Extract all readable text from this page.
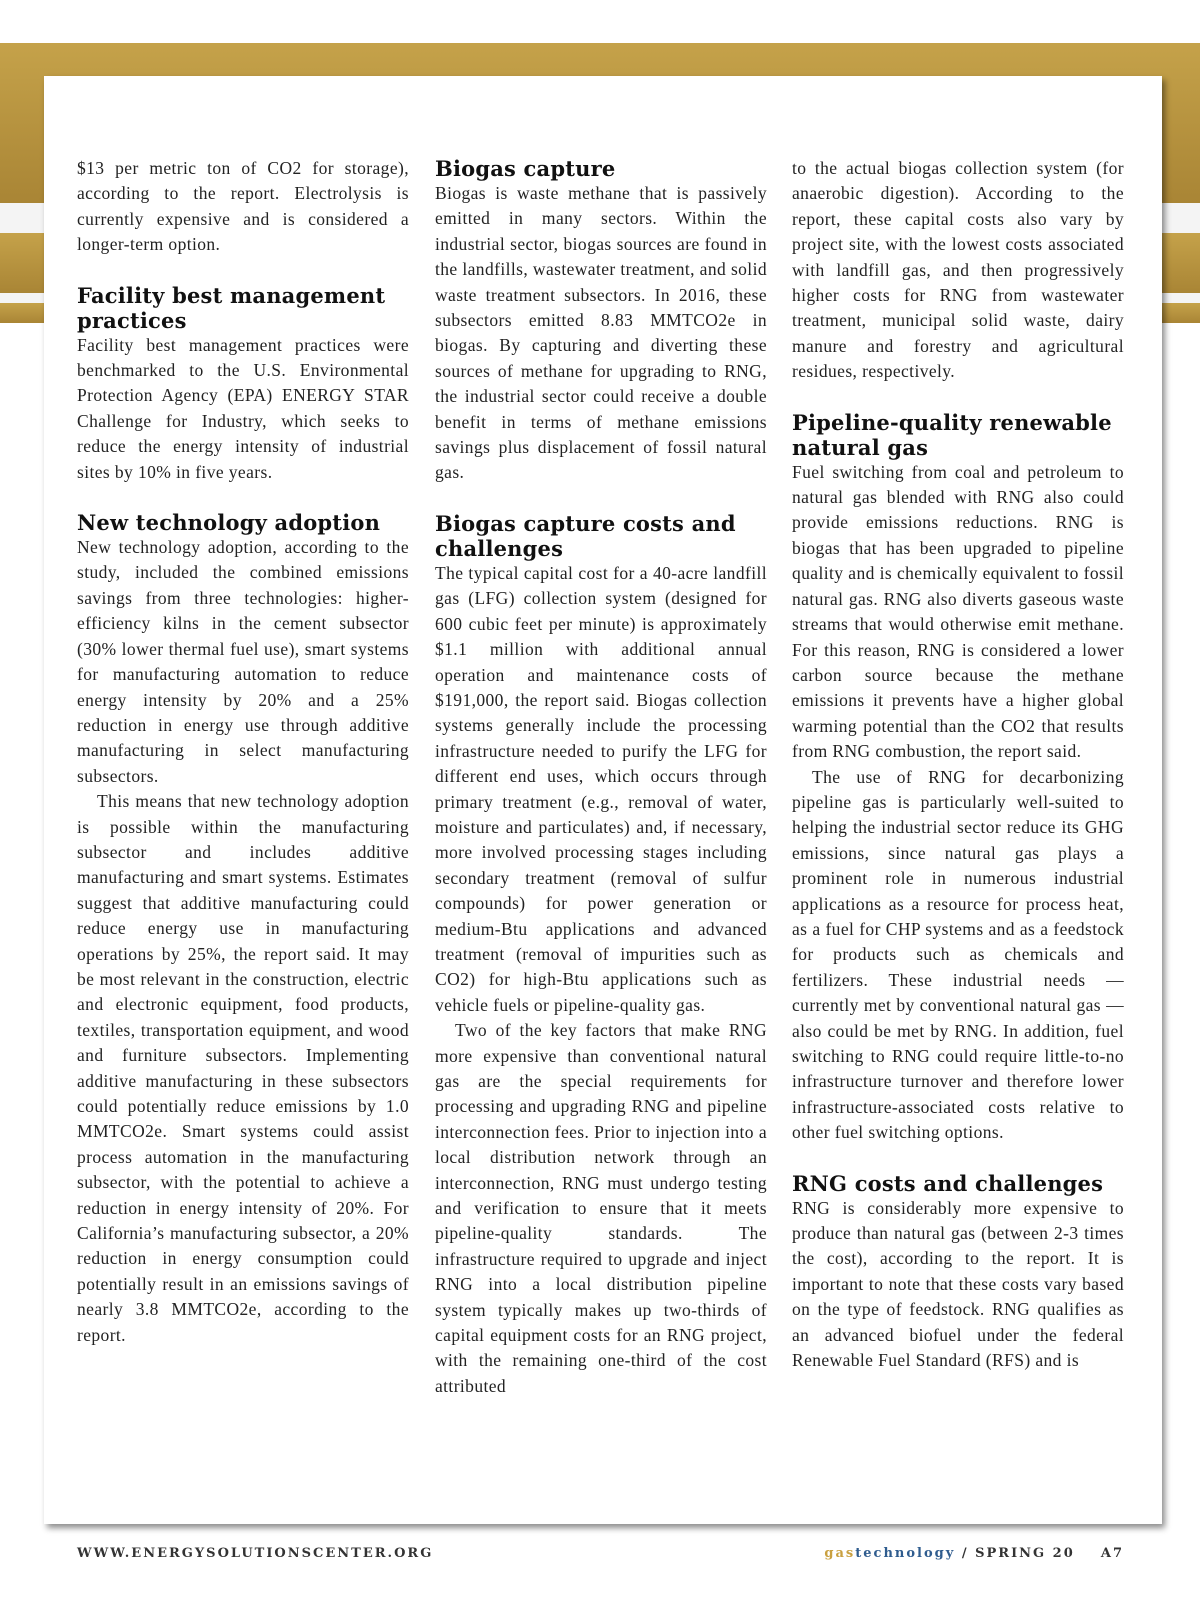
$13 per metric ton of CO2 for storage), according to the report. Electrolysis is currently expensive and is considered a longer-term option.

Facility best management practices

Facility best management practices were benchmarked to the U.S. Environmental Protection Agency (EPA) ENERGY STAR Challenge for Industry, which seeks to reduce the energy intensity of industrial sites by 10% in five years.

New technology adoption

New technology adoption, according to the study, included the combined emissions savings from three technologies: higher-efficiency kilns in the cement subsector (30% lower thermal fuel use), smart systems for manufacturing automation to reduce energy intensity by 20% and a 25% reduction in energy use through additive manufacturing in select manufacturing subsectors.

This means that new technology adoption is possible within the manufacturing subsector and includes additive manufacturing and smart systems. Estimates suggest that additive manufacturing could reduce energy use in manufacturing operations by 25%, the report said. It may be most relevant in the construction, electric and electronic equipment, food products, textiles, transportation equipment, and wood and furniture subsectors. Implementing additive manufacturing in these subsectors could potentially reduce emissions by 1.0 MMTCO2e. Smart systems could assist process automation in the manufacturing subsector, with the potential to achieve a reduction in energy intensity of 20%. For California’s manufacturing subsector, a 20% reduction in energy consumption could potentially result in an emissions savings of nearly 3.8 MMTCO2e, according to the report.

Biogas capture

Biogas is waste methane that is passively emitted in many sectors. Within the industrial sector, biogas sources are found in the landfills, wastewater treatment, and solid waste treatment subsectors. In 2016, these subsectors emitted 8.83 MMTCO2e in biogas. By capturing and diverting these sources of methane for upgrading to RNG, the industrial sector could receive a double benefit in terms of methane emissions savings plus displacement of fossil natural gas.

Biogas capture costs and challenges

The typical capital cost for a 40-acre landfill gas (LFG) collection system (designed for 600 cubic feet per minute) is approximately $1.1 million with additional annual operation and maintenance costs of $191,000, the report said. Biogas collection systems generally include the processing infrastructure needed to purify the LFG for different end uses, which occurs through primary treatment (e.g., removal of water, moisture and particulates) and, if necessary, more involved processing stages including secondary treatment (removal of sulfur compounds) for power generation or medium-Btu applications and advanced treatment (removal of impurities such as CO2) for high-Btu applications such as vehicle fuels or pipeline-quality gas.

Two of the key factors that make RNG more expensive than conventional natural gas are the special requirements for processing and upgrading RNG and pipeline interconnection fees. Prior to injection into a local distribution network through an interconnection, RNG must undergo testing and verification to ensure that it meets pipeline-quality standards. The infrastructure required to upgrade and inject RNG into a local distribution pipeline system typically makes up two-thirds of capital equipment costs for an RNG project, with the remaining one-third of the cost attributed

to the actual biogas collection system (for anaerobic digestion). According to the report, these capital costs also vary by project site, with the lowest costs associated with landfill gas, and then progressively higher costs for RNG from wastewater treatment, municipal solid waste, dairy manure and forestry and agricultural residues, respectively.

Pipeline-quality renewable natural gas

Fuel switching from coal and petroleum to natural gas blended with RNG also could provide emissions reductions. RNG is biogas that has been upgraded to pipeline quality and is chemically equivalent to fossil natural gas. RNG also diverts gaseous waste streams that would otherwise emit methane. For this reason, RNG is considered a lower carbon source because the methane emissions it prevents have a higher global warming potential than the CO2 that results from RNG combustion, the report said.

The use of RNG for decarbonizing pipeline gas is particularly well-suited to helping the industrial sector reduce its GHG emissions, since natural gas plays a prominent role in numerous industrial applications as a resource for process heat, as a fuel for CHP systems and as a feedstock for products such as chemicals and fertilizers. These industrial needs — currently met by conventional natural gas — also could be met by RNG. In addition, fuel switching to RNG could require little-to-no infrastructure turnover and therefore lower infrastructure-associated costs relative to other fuel switching options.

RNG costs and challenges

RNG is considerably more expensive to produce than natural gas (between 2-3 times the cost), according to the report. It is important to note that these costs vary based on the type of feedstock. RNG qualifies as an advanced biofuel under the federal Renewable Fuel Standard (RFS) and is

WWW.ENERGYSOLUTIONSCENTER.ORG	gastechnology / SPRING 20 A7
